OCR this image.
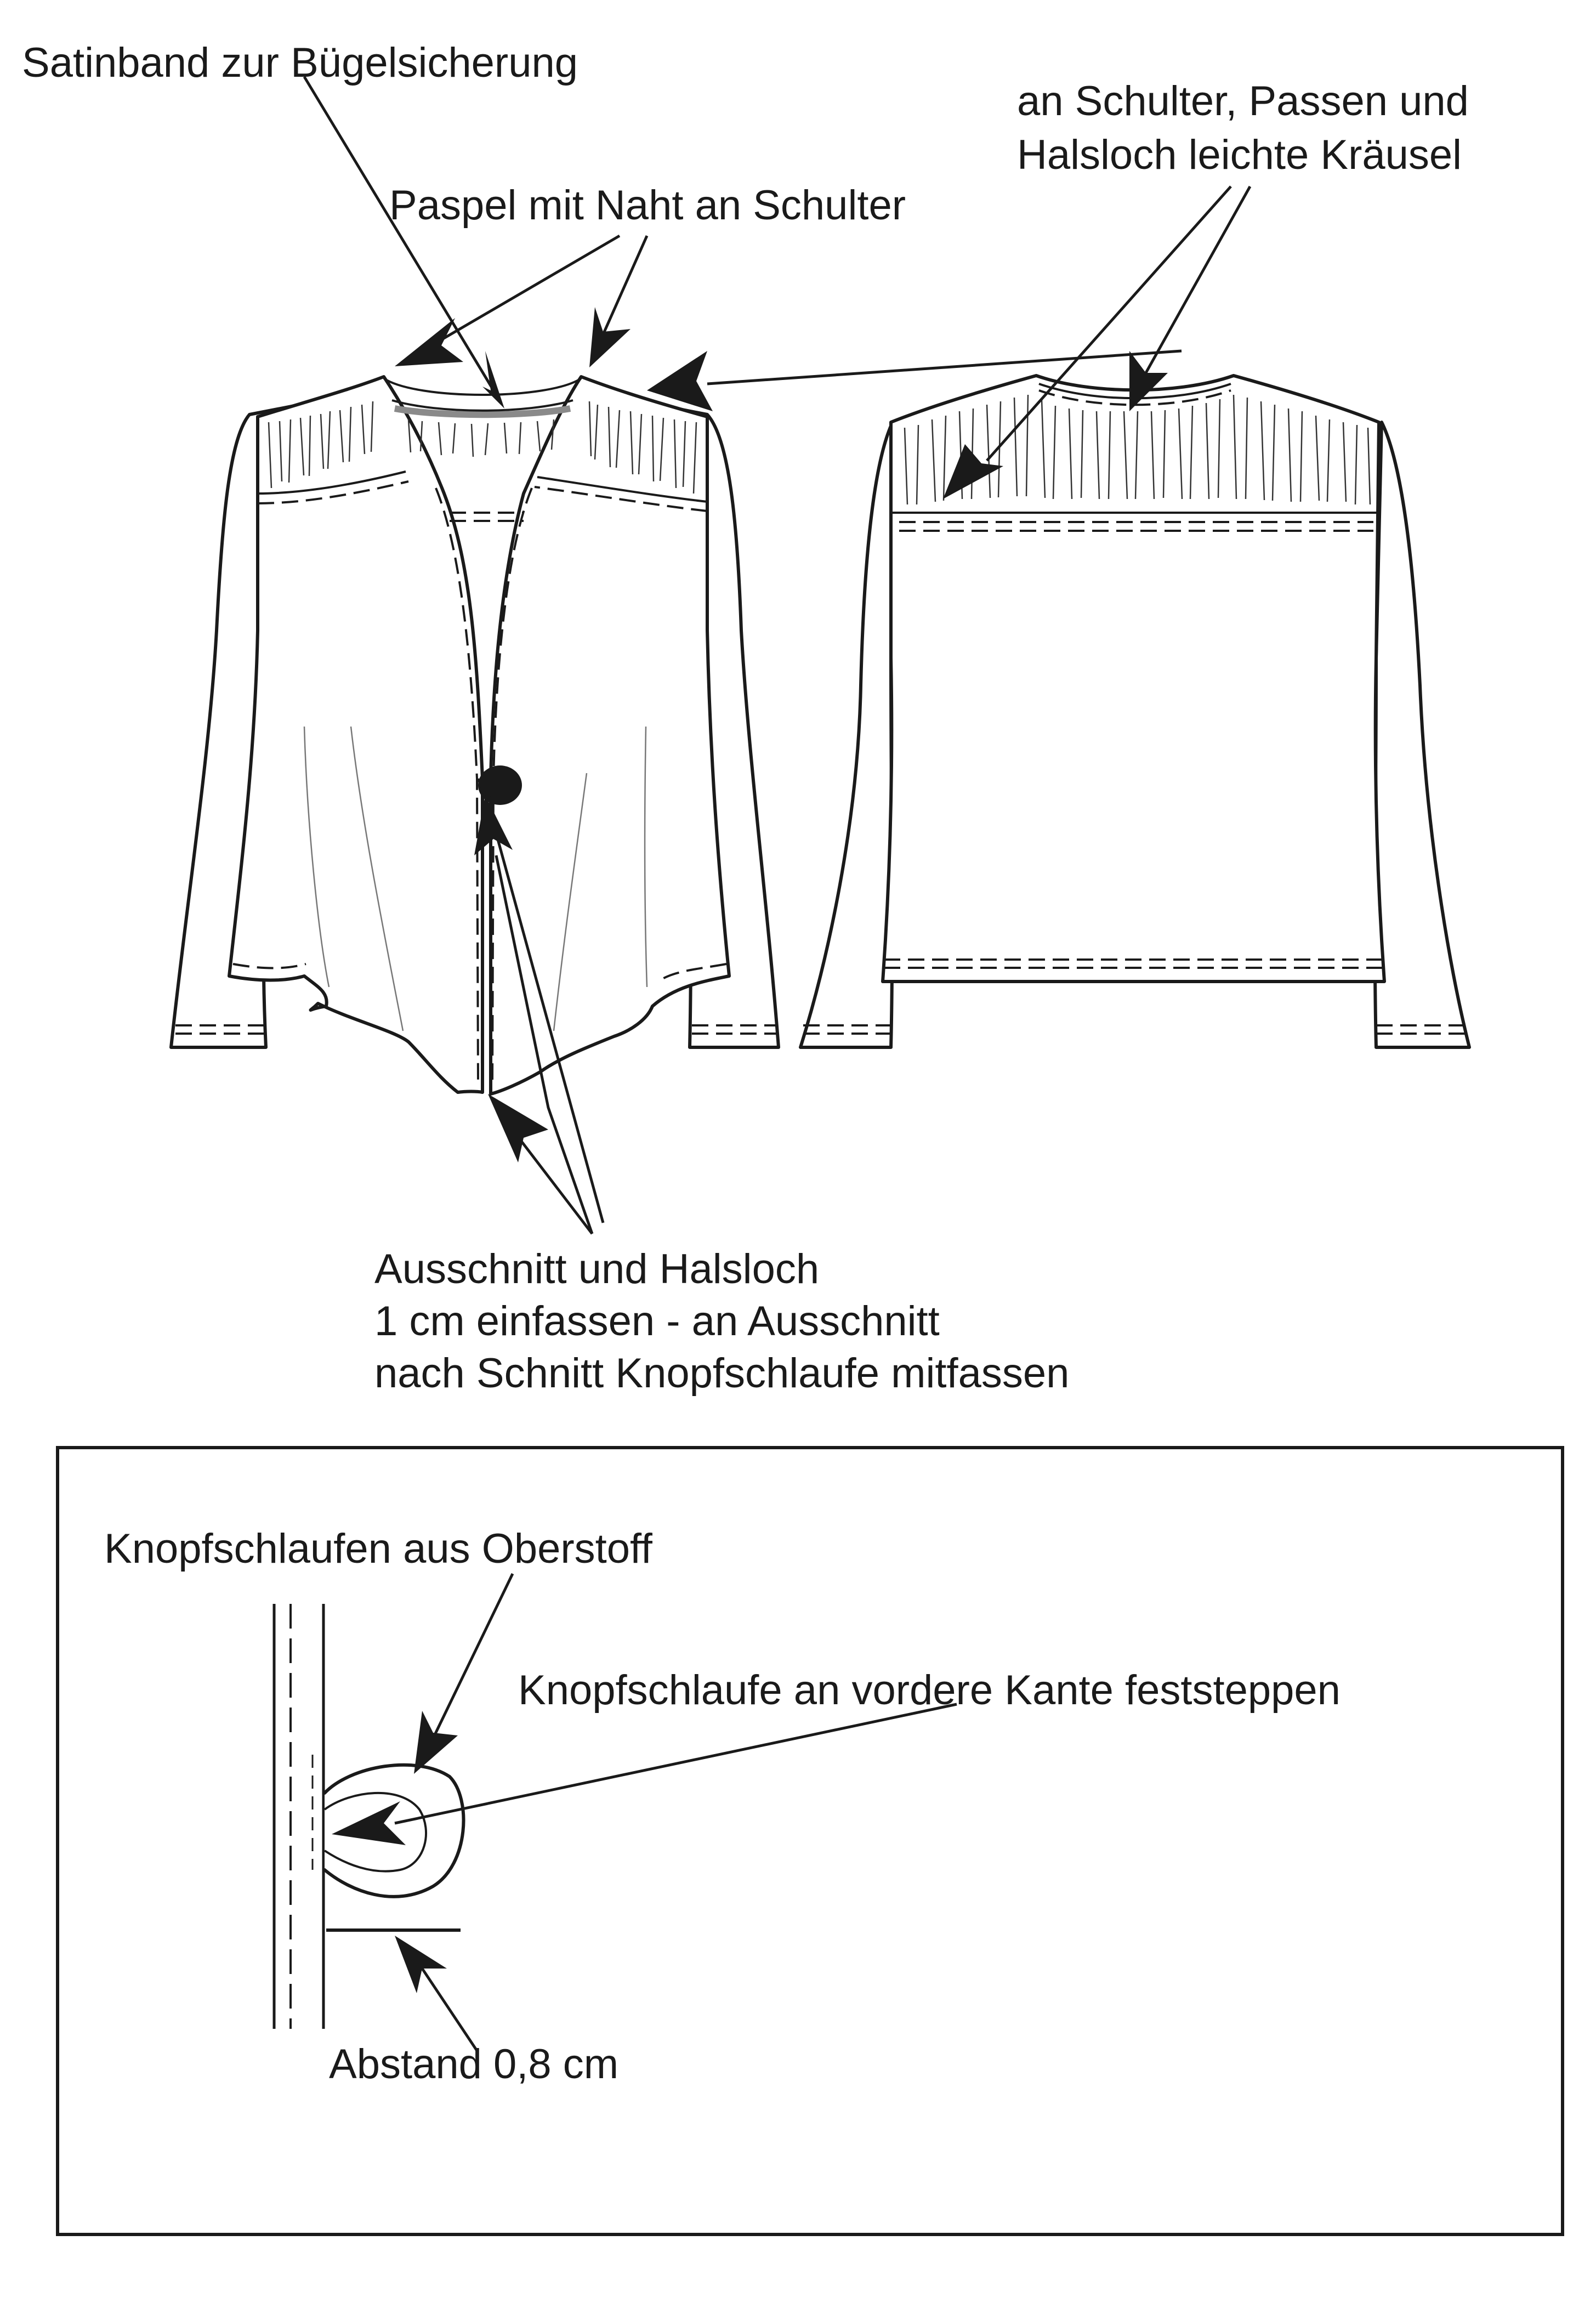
Satinband zur Bügelsicherung
Paspel mit Naht an Schulter
an Schulter, Passen und
Halsloch leichte Kräusel
Ausschnitt und Halsloch
1 cm einfassen - an Ausschnitt
nach Schnitt Knopfschlaufe mitfassen
Knopfschlaufen aus Oberstoff
Knopfschlaufe an vordere Kante feststeppen
Abstand 0,8 cm
